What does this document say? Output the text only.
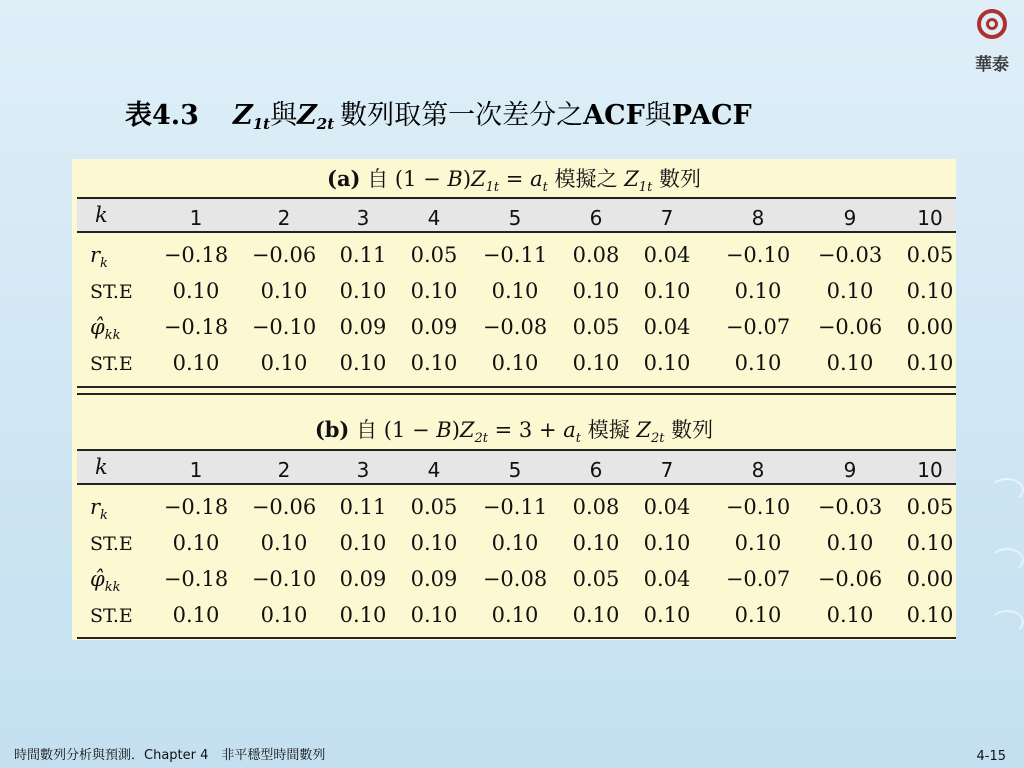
華泰
表4.3 $Z_{1t}$與$Z_{2t}$ 數列取第一次差分之ACF與PACF
(a) 自 $(1 - B)Z_{1t} = a_t$ 模擬之 $Z_{1t}$ 數列
k	1	2	3	4	5	6	7	8	9	10
$r_k$	−0.18 −0.06 0.11 0.05 −0.11 0.08 0.04 −0.10 −0.03 0.05
ST.E 0.10 0.10 0.10 0.10 0.10 0.10 0.10 0.10 0.10 0.10
$\varphî_{kk} -0.18 -0.10$ 0.09 0.09 −0.08 0.05 0.04 −0.07 −0.06 0.00
ST.E 0.10 0.10 0.10 0.10 0.10 0.10 0.10 0.10 0.10 0.10
(b) 自 $(1 - B)Z_{2t} = 3 + a_t$ 模擬 $Z_{2t}$ 數列
k	1	2	3	4	5	6	7	8	9	10
$r_k$	−0.18 −0.06 0.11 0.05 −0.11 0.08 0.04 −0.10 −0.03 0.05
ST.E 0.10 0.10 0.10 0.10 0.10 0.10 0.10 0.10 0.10 0.10
$\varphî_{kk} -0.18 -0.10$ 0.09 0.09 −0.08 0.05 0.04 −0.07 −0.06 0.00
ST.E 0.10 0.10 0.10 0.10 0.10 0.10 0.10 0.10 0.10 0.10
時間數列分析與預測．Chapter 4　非平穩型時間數列	4-15
